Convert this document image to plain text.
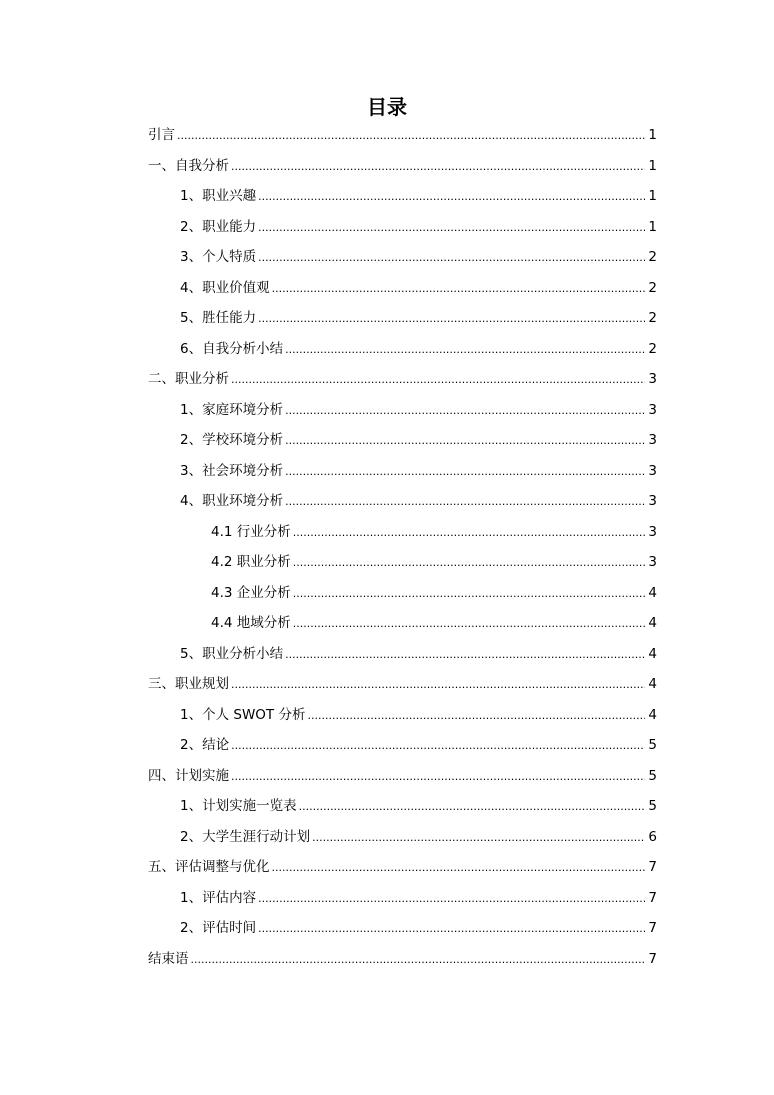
目录
引言 .....	1
一、自我分析 .....	1
1、职业兴趣 .....	1
2、职业能力 .....	1
3、个人特质 .....	2
4、职业价值观 .....	2
5、胜任能力 .....	2
6、自我分析小结 .....	2
二、职业分析 .....	3
1、家庭环境分析 .....	3
2、学校环境分析 .....	3
3、社会环境分析 .....	3
4、职业环境分析 .....	3
4.1 行业分析 .....	3
4.2 职业分析 .....	3
4.3 企业分析 .....	4
4.4 地域分析 .....	4
5、职业分析小结 .....	4
三、职业规划 .....	4
1、个人 SWOT 分析 .....	4
2、结论 .....	5
四、计划实施 .....	5
1、计划实施一览表 .....	5
2、大学生涯行动计划 .....	6
五、评估调整与优化 .....	7
1、评估内容 .....	7
2、评估时间 .....	7
结束语 .....	7
